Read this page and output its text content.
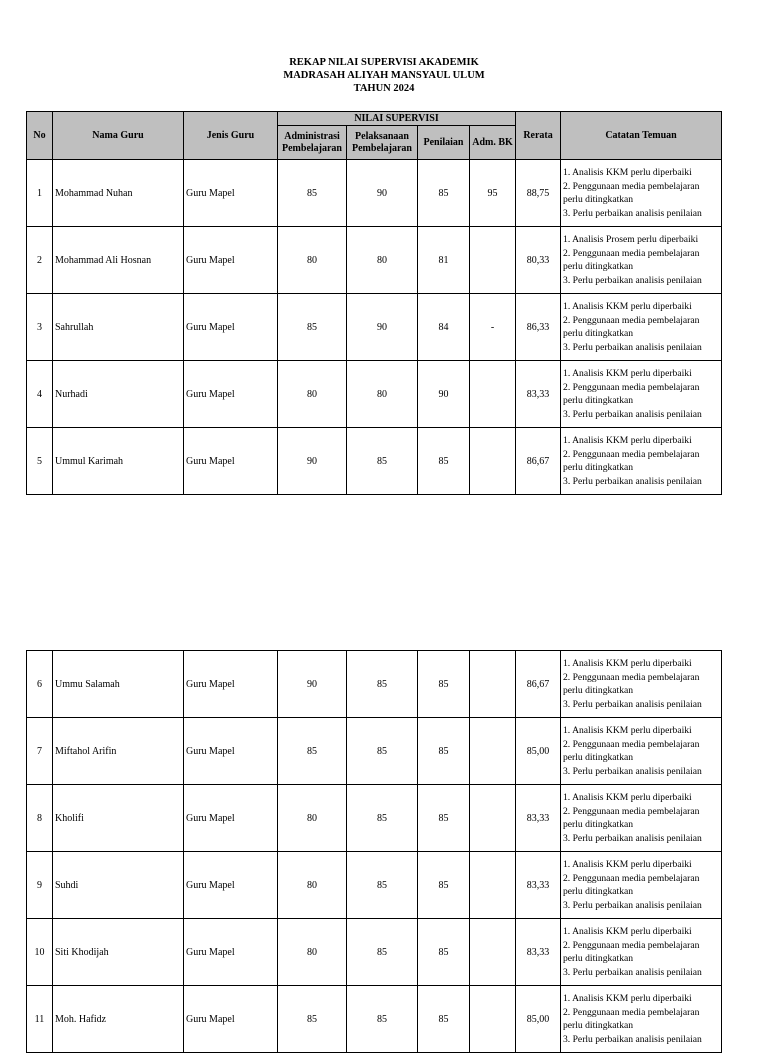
REKAP NILAI SUPERVISI AKADEMIK
MADRASAH ALIYAH MANSYAUL ULUM
TAHUN 2024
No	Nama Guru	Jenis Guru	NILAI SUPERVISI				Rerata	Catatan Temuan
			Administrasi Pembelajaran	Pelaksanaan Pembelajaran	Penilaian	Adm. BK		
1	Mohammad Nuhan	Guru Mapel	85	90	85	95	88,75	1. Analisis KKM perlu diperbaiki
2. Penggunaan media pembelajaran
perlu ditingkatkan
3. Perlu perbaikan analisis penilaian

2	Mohammad Ali Hosnan	Guru Mapel	80	80	81		80,33	1. Analisis Prosem perlu diperbaiki
2. Penggunaan media pembelajaran
perlu ditingkatkan
3. Perlu perbaikan analisis penilaian

3	Sahrullah	Guru Mapel	85	90	84	-	86,33	1. Analisis KKM perlu diperbaiki
2. Penggunaan media pembelajaran
perlu ditingkatkan
3. Perlu perbaikan analisis penilaian

4	Nurhadi	Guru Mapel	80	80	90		83,33	1. Analisis KKM perlu diperbaiki
2. Penggunaan media pembelajaran
perlu ditingkatkan
3. Perlu perbaikan analisis penilaian

5	Ummul Karimah	Guru Mapel	90	85	85		86,67	1. Analisis KKM perlu diperbaiki
2. Penggunaan media pembelajaran
perlu ditingkatkan
3. Perlu perbaikan analisis penilaian
6	Ummu Salamah	Guru Mapel	90	85	85		86,67	1. Analisis KKM perlu diperbaiki
2. Penggunaan media pembelajaran
perlu ditingkatkan
3. Perlu perbaikan analisis penilaian

7	Miftahol Arifin	Guru Mapel	85	85	85		85,00	1. Analisis KKM perlu diperbaiki
2. Penggunaan media pembelajaran
perlu ditingkatkan
3. Perlu perbaikan analisis penilaian

8	Kholifi	Guru Mapel	80	85	85		83,33	1. Analisis KKM perlu diperbaiki
2. Penggunaan media pembelajaran
perlu ditingkatkan
3. Perlu perbaikan analisis penilaian

9	Suhdi	Guru Mapel	80	85	85		83,33	1. Analisis KKM perlu diperbaiki
2. Penggunaan media pembelajaran
perlu ditingkatkan
3. Perlu perbaikan analisis penilaian

10	Siti Khodijah	Guru Mapel	80	85	85		83,33	1. Analisis KKM perlu diperbaiki
2. Penggunaan media pembelajaran
perlu ditingkatkan
3. Perlu perbaikan analisis penilaian

11	Moh. Hafidz	Guru Mapel	85	85	85		85,00	1. Analisis KKM perlu diperbaiki
2. Penggunaan media pembelajaran
perlu ditingkatkan
3. Perlu perbaikan analisis penilaian
